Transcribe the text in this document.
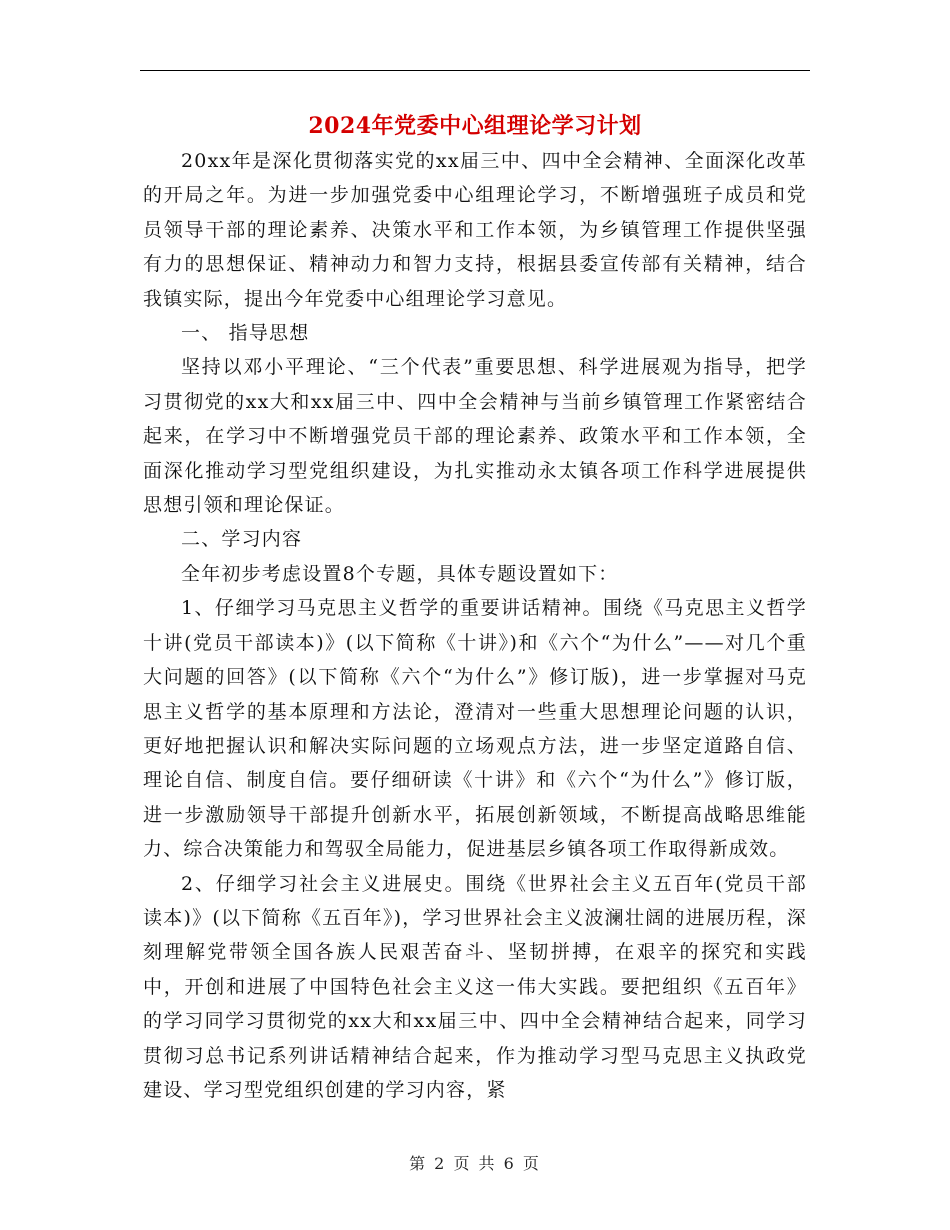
2024年党委中心组理论学习计划

20xx年是深化贯彻落实党的xx届三中、四中全会精神、全面深化改革的开局之年。为进一步加强党委中心组理论学习，不断增强班子成员和党员领导干部的理论素养、决策水平和工作本领，为乡镇管理工作提供坚强有力的思想保证、精神动力和智力支持，根据县委宣传部有关精神，结合我镇实际，提出今年党委中心组理论学习意见。

一、 指导思想

坚持以邓小平理论、“三个代表”重要思想、科学进展观为指导，把学习贯彻党的xx大和xx届三中、四中全会精神与当前乡镇管理工作紧密结合起来，在学习中不断增强党员干部的理论素养、政策水平和工作本领，全面深化推动学习型党组织建设，为扎实推动永太镇各项工作科学进展提供思想引领和理论保证。

二、学习内容

全年初步考虑设置8个专题，具体专题设置如下：

1、仔细学习马克思主义哲学的重要讲话精神。围绕《马克思主义哲学十讲(党员干部读本)》(以下简称《十讲》)和《六个“为什么”——对几个重大问题的回答》(以下简称《六个“为什么”》修订版)，进一步掌握对马克思主义哲学的基本原理和方法论，澄清对一些重大思想理论问题的认识，更好地把握认识和解决实际问题的立场观点方法，进一步坚定道路自信、理论自信、制度自信。要仔细研读《十讲》和《六个“为什么”》修订版，进一步激励领导干部提升创新水平，拓展创新领域，不断提高战略思维能力、综合决策能力和驾驭全局能力，促进基层乡镇各项工作取得新成效。

2、仔细学习社会主义进展史。围绕《世界社会主义五百年(党员干部读本)》(以下简称《五百年》)，学习世界社会主义波澜壮阔的进展历程，深刻理解党带领全国各族人民艰苦奋斗、坚韧拼搏，在艰辛的探究和实践中，开创和进展了中国特色社会主义这一伟大实践。要把组织《五百年》的学习同学习贯彻党的xx大和xx届三中、四中全会精神结合起来，同学习贯彻习总书记系列讲话精神结合起来，作为推动学习型马克思主义执政党建设、学习型党组织创建的学习内容，紧

第 2 页 共 6 页
